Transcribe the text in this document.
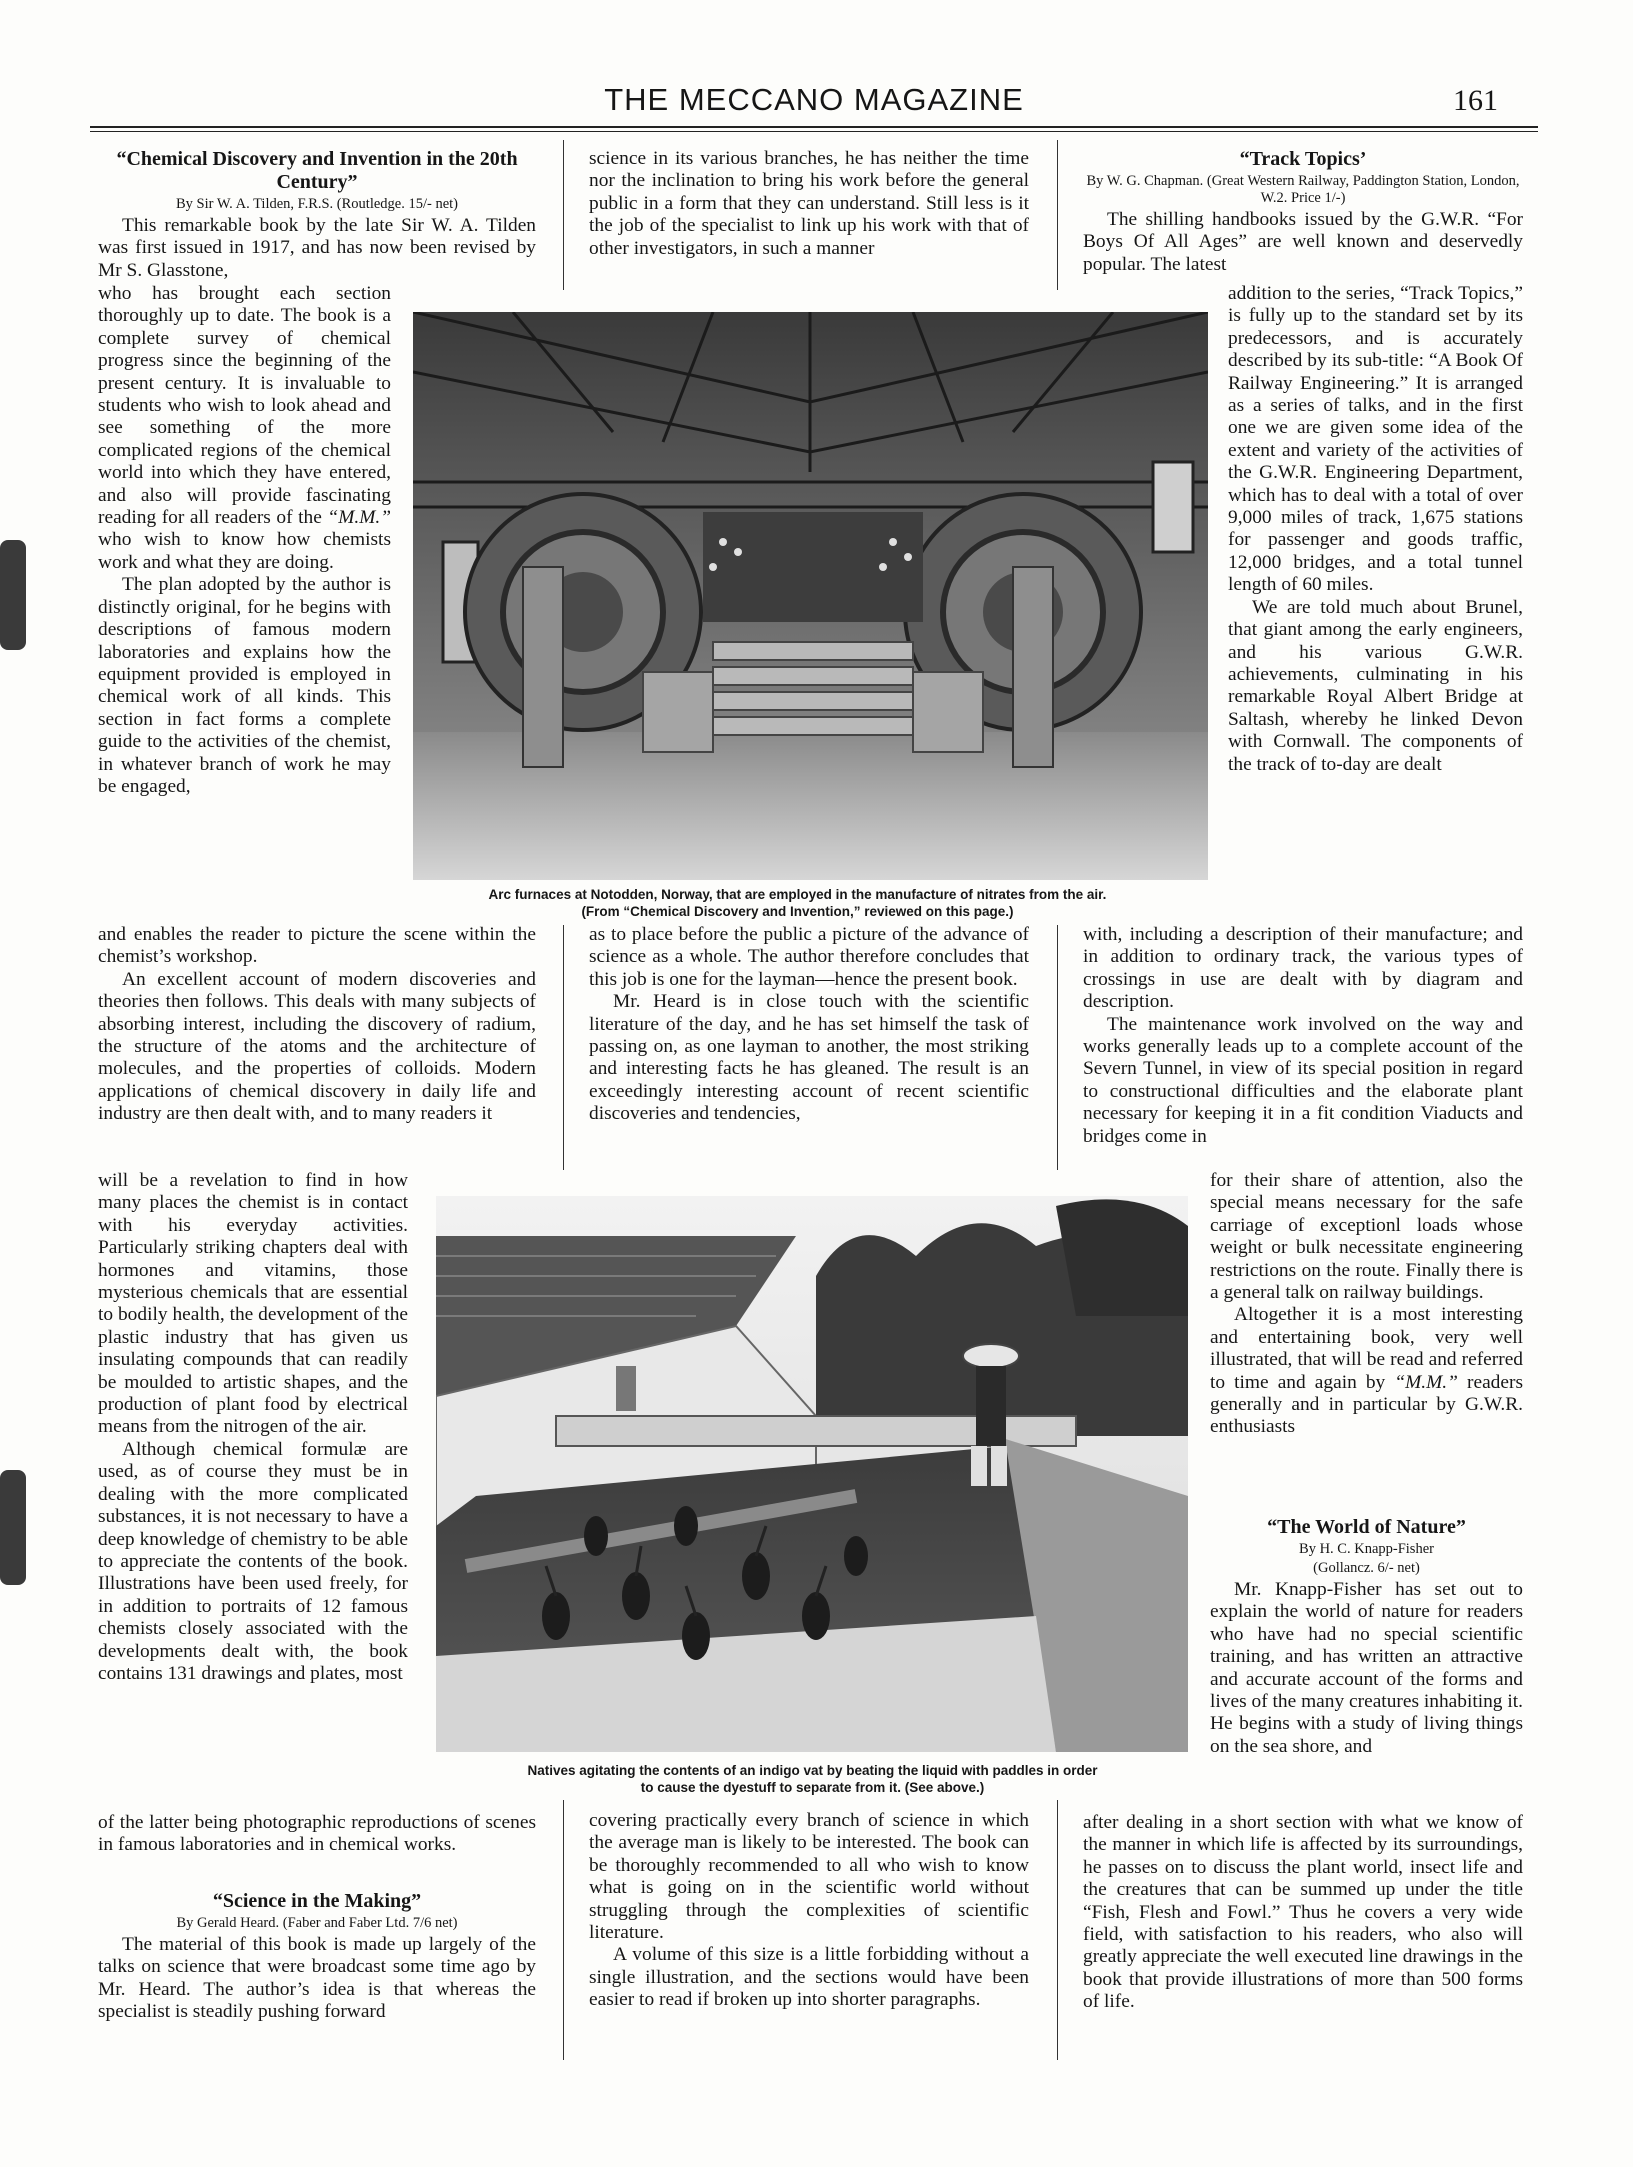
THE MECCANO MAGAZINE	161
“Chemical Discovery and Invention in the 20th Century”
By Sir W. A. Tilden, F.R.S. (Routledge. 15/- net)

This remarkable book by the late Sir W. A. Tilden was first issued in 1917, and has now been revised by Mr S. Glasstone,

who has brought each section thoroughly up to date. The book is a complete survey of chemical progress since the beginning of the present century. It is invaluable to students who wish to look ahead and see something of the more complicated regions of the chemical world into which they have entered, and also will provide fascinating reading for all readers of the “M.M.” who wish to know how chemists work and what they are doing.

The plan adopted by the author is distinctly original, for he begins with descriptions of famous modern laboratories and explains how the equipment provided is employed in chemical work of all kinds. This section in fact forms a complete guide to the activities of the chemist, in whatever branch of work he may be engaged,

and enables the reader to picture the scene within the chemist’s workshop.

An excellent account of modern discoveries and theories then follows. This deals with many subjects of absorbing interest, including the discovery of radium, the structure of the atoms and the architecture of molecules, and the properties of colloids. Modern applications of chemical discovery in daily life and industry are then dealt with, and to many readers it

will be a revelation to find in how many places the chemist is in contact with his everyday activities. Particularly striking chapters deal with hormones and vitamins, those mysterious chemicals that are essential to bodily health, the development of the plastic industry that has given us insulating compounds that can readily be moulded to artistic shapes, and the production of plant food by electrical means from the nitrogen of the air.

Although chemical formulæ are used, as of course they must be in dealing with the more complicated substances, it is not necessary to have a deep knowledge of chemistry to be able to appreciate the contents of the book. Illustrations have been used freely, for in addition to portraits of 12 famous chemists closely associated with the developments dealt with, the book contains 131 drawings and plates, most

of the latter being photographic reproductions of scenes in famous laboratories and in chemical works.

“Science in the Making”
By Gerald Heard. (Faber and Faber Ltd. 7/6 net)

The material of this book is made up largely of the talks on science that were broadcast some time ago by Mr. Heard. The author’s idea is that whereas the specialist is steadily pushing forward

science in its various branches, he has neither the time nor the inclination to bring his work before the general public in a form that they can understand. Still less is it the job of the specialist to link up his work with that of other investigators, in such a manner

as to place before the public a picture of the advance of science as a whole. The author therefore concludes that this job is one for the layman—hence the present book.

Mr. Heard is in close touch with the scientific literature of the day, and he has set himself the task of passing on, as one layman to another, the most striking and interesting facts he has gleaned. The result is an exceedingly interesting account of recent scientific discoveries and tendencies,

covering practically every branch of science in which the average man is likely to be interested. The book can be thoroughly recommended to all who wish to know what is going on in the scientific world without struggling through the complexities of scientific literature.

A volume of this size is a little forbidding without a single illustration, and the sections would have been easier to read if broken up into shorter paragraphs.

“Track Topics’
By W. G. Chapman. (Great Western Railway, Paddington Station, London, W.2. Price 1/-)

The shilling handbooks issued by the G.W.R. “For Boys Of All Ages” are well known and deservedly popular. The latest

addition to the series, “Track Topics,” is fully up to the standard set by its predecessors, and is accurately described by its sub-title: “A Book Of Railway Engineering.” It is arranged as a series of talks, and in the first one we are given some idea of the extent and variety of the activities of the G.W.R. Engineering Department, which has to deal with a total of over 9,000 miles of track, 1,675 stations for passenger and goods traffic, 12,000 bridges, and a total tunnel length of 60 miles.

We are told much about Brunel, that giant among the early engineers, and his various G.W.R. achievements, culminating in his remarkable Royal Albert Bridge at Saltash, whereby he linked Devon with Cornwall. The components of the track of to-day are dealt

with, including a description of their manufacture; and in addition to ordinary track, the various types of crossings in use are dealt with by diagram and description.

The maintenance work involved on the way and works generally leads up to a complete account of the Severn Tunnel, in view of its special position in regard to constructional difficulties and the elaborate plant necessary for keeping it in a fit condition Viaducts and bridges come in

for their share of attention, also the special means necessary for the safe carriage of exceptionl loads whose weight or bulk necessitate engineering restrictions on the route. Finally there is a general talk on railway buildings.

Altogether it is a most interesting and entertaining book, very well illustrated, that will be read and referred to time and again by “M.M.” readers generally and in particular by G.W.R. enthusiasts

“The World of Nature”
By H. C. Knapp-Fisher
(Gollancz. 6/- net)

Mr. Knapp-Fisher has set out to explain the world of nature for readers who have had no special scientific training, and has written an attractive and accurate account of the forms and lives of the many creatures inhabiting it. He begins with a study of living things on the sea shore, and

after dealing in a short section with what we know of the manner in which life is affected by its surroundings, he passes on to discuss the plant world, insect life and the creatures that can be summed up under the title “Fish, Flesh and Fowl.” Thus he covers a very wide field, with satisfaction to his readers, who also will greatly appreciate the well executed line drawings in the book that provide illustrations of more than 500 forms of life.

Arc furnaces at Notodden, Norway, that are employed in the manufacture of nitrates from the air.
(From “Chemical Discovery and Invention,” reviewed on this page.)
Natives agitating the contents of an indigo vat by beating the liquid with paddles in order
to cause the dyestuff to separate from it. (See above.)
